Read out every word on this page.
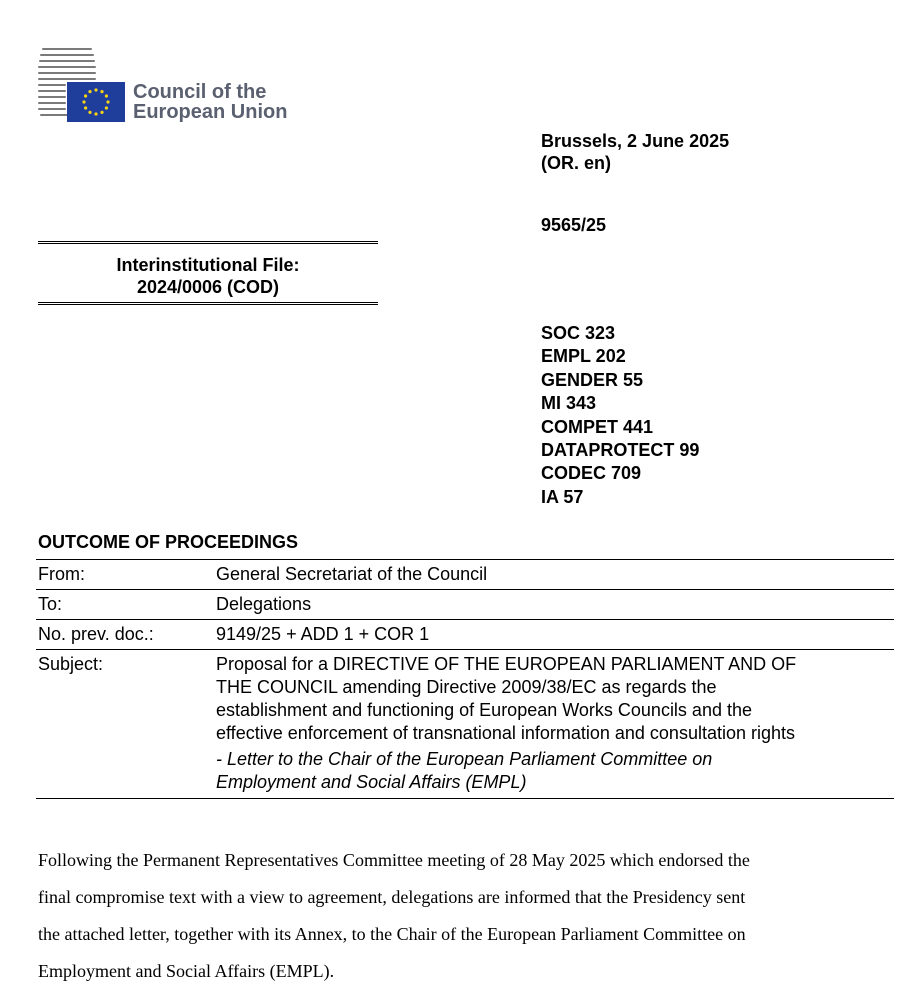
Council of the
European Union
Brussels, 2 June 2025
(OR. en)
9565/25
Interinstitutional File:
2024/0006 (COD)
SOC 323
EMPL 202
GENDER 55
MI 343
COMPET 441
DATAPROTECT 99
CODEC 709
IA 57
OUTCOME OF PROCEEDINGS
From:	General Secretariat of the Council
To:	Delegations
No. prev. doc.:	9149/25 + ADD 1 + COR 1
Subject:	Proposal for a DIRECTIVE OF THE EUROPEAN PARLIAMENT AND OF
THE COUNCIL amending Directive 2009/38/EC as regards the
establishment and functioning of European Works Councils and the
effective enforcement of transnational information and consultation rights

	- Letter to the Chair of the European Parliament Committee on
Employment and Social Affairs (EMPL)
Following the Permanent Representatives Committee meeting of 28 May 2025 which endorsed the
final compromise text with a view to agreement, delegations are informed that the Presidency sent
the attached letter, together with its Annex, to the Chair of the European Parliament Committee on
Employment and Social Affairs (EMPL).
